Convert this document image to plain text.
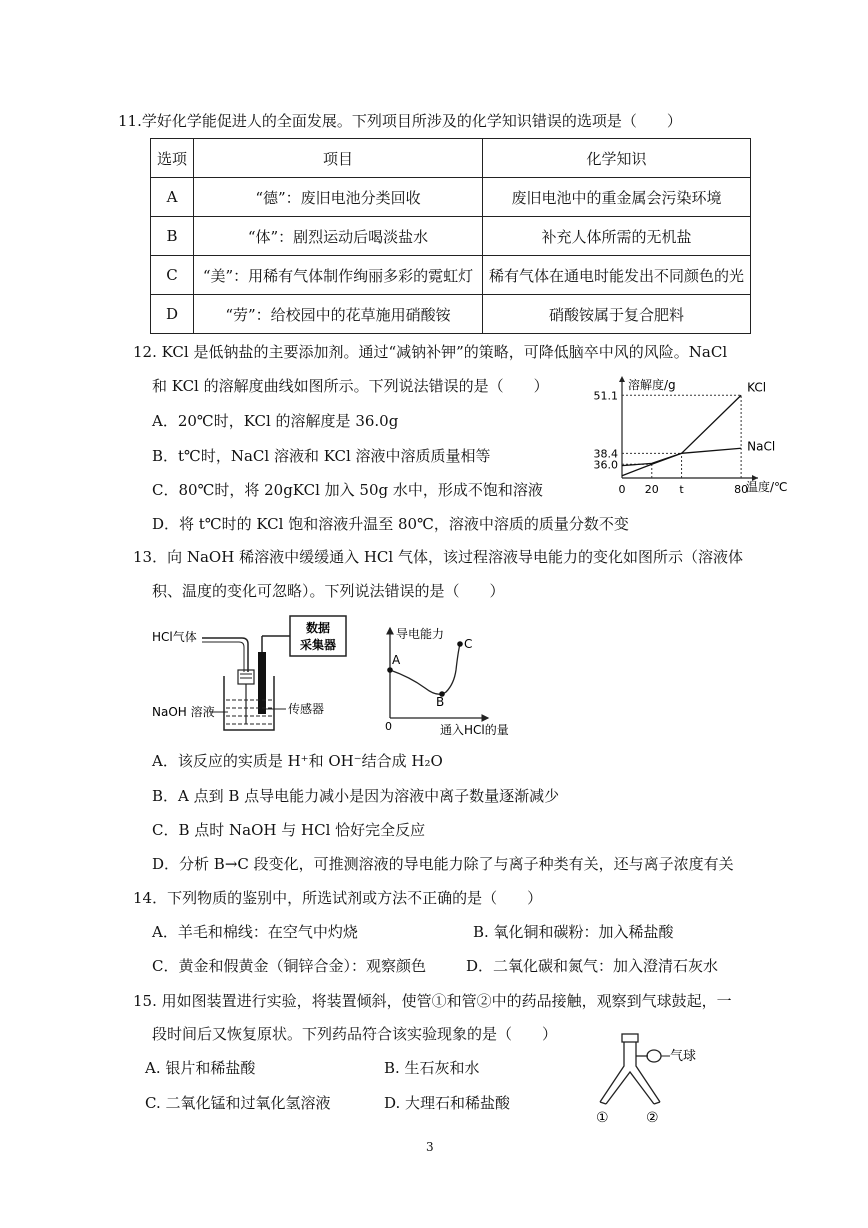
11.学好化学能促进人的全面发展。下列项目所涉及的化学知识错误的选项是（　　）
选项	项目	化学知识
A	“德”：废旧电池分类回收	废旧电池中的重金属会污染环境
B	“体”：剧烈运动后喝淡盐水	补充人体所需的无机盐
C	“美”：用稀有气体制作绚丽多彩的霓虹灯	稀有气体在通电时能发出不同颜色的光
D	“劳”：给校园中的花草施用硝酸铵	硝酸铵属于复合肥料
12. KCl 是低钠盐的主要添加剂。通过“减钠补钾”的策略，可降低脑卒中风的风险。NaCl
和 KCl 的溶解度曲线如图所示。下列说法错误的是（　　）
A．20℃时，KCl 的溶解度是 36.0g
B．t℃时，NaCl 溶液和 KCl 溶液中溶质质量相等
C．80℃时，将 20gKCl 加入 50g 水中，形成不饱和溶液
D．将 t℃时的 KCl 饱和溶液升温至 80℃，溶液中溶质的质量分数不变
溶解度/g
温度/℃
36.0
38.4
51.1
0 20 t	80
KCl
NaCl
13．向 NaOH 稀溶液中缓缓通入 HCl 气体，该过程溶液导电能力的变化如图所示（溶液体
积、温度的变化可忽略）。下列说法错误的是（　　）
HCl气体
数据
采集器
NaOH 溶液	传感器
导电能力
通入HCl的量
0
A
B
C
A．该反应的实质是 H⁺和 OH⁻结合成 H₂O
B．A 点到 B 点导电能力减小是因为溶液中离子数量逐渐减少
C．B 点时 NaOH 与 HCl 恰好完全反应
D．分析 B→C 段变化，可推测溶液的导电能力除了与离子种类有关，还与离子浓度有关
14．下列物质的鉴别中，所选试剂或方法不正确的是（　　）
A．羊毛和棉线：在空气中灼烧	B. 氧化铜和碳粉：加入稀盐酸
C．黄金和假黄金（铜锌合金）：观察颜色	D．二氧化碳和氮气：加入澄清石灰水
15. 用如图装置进行实验，将装置倾斜，使管①和管②中的药品接触，观察到气球鼓起，一
段时间后又恢复原状。下列药品符合该实验现象的是（　　）
A. 银片和稀盐酸	B. 生石灰和水
C. 二氧化锰和过氧化氢溶液	D. 大理石和稀盐酸
气球
①	②
3
